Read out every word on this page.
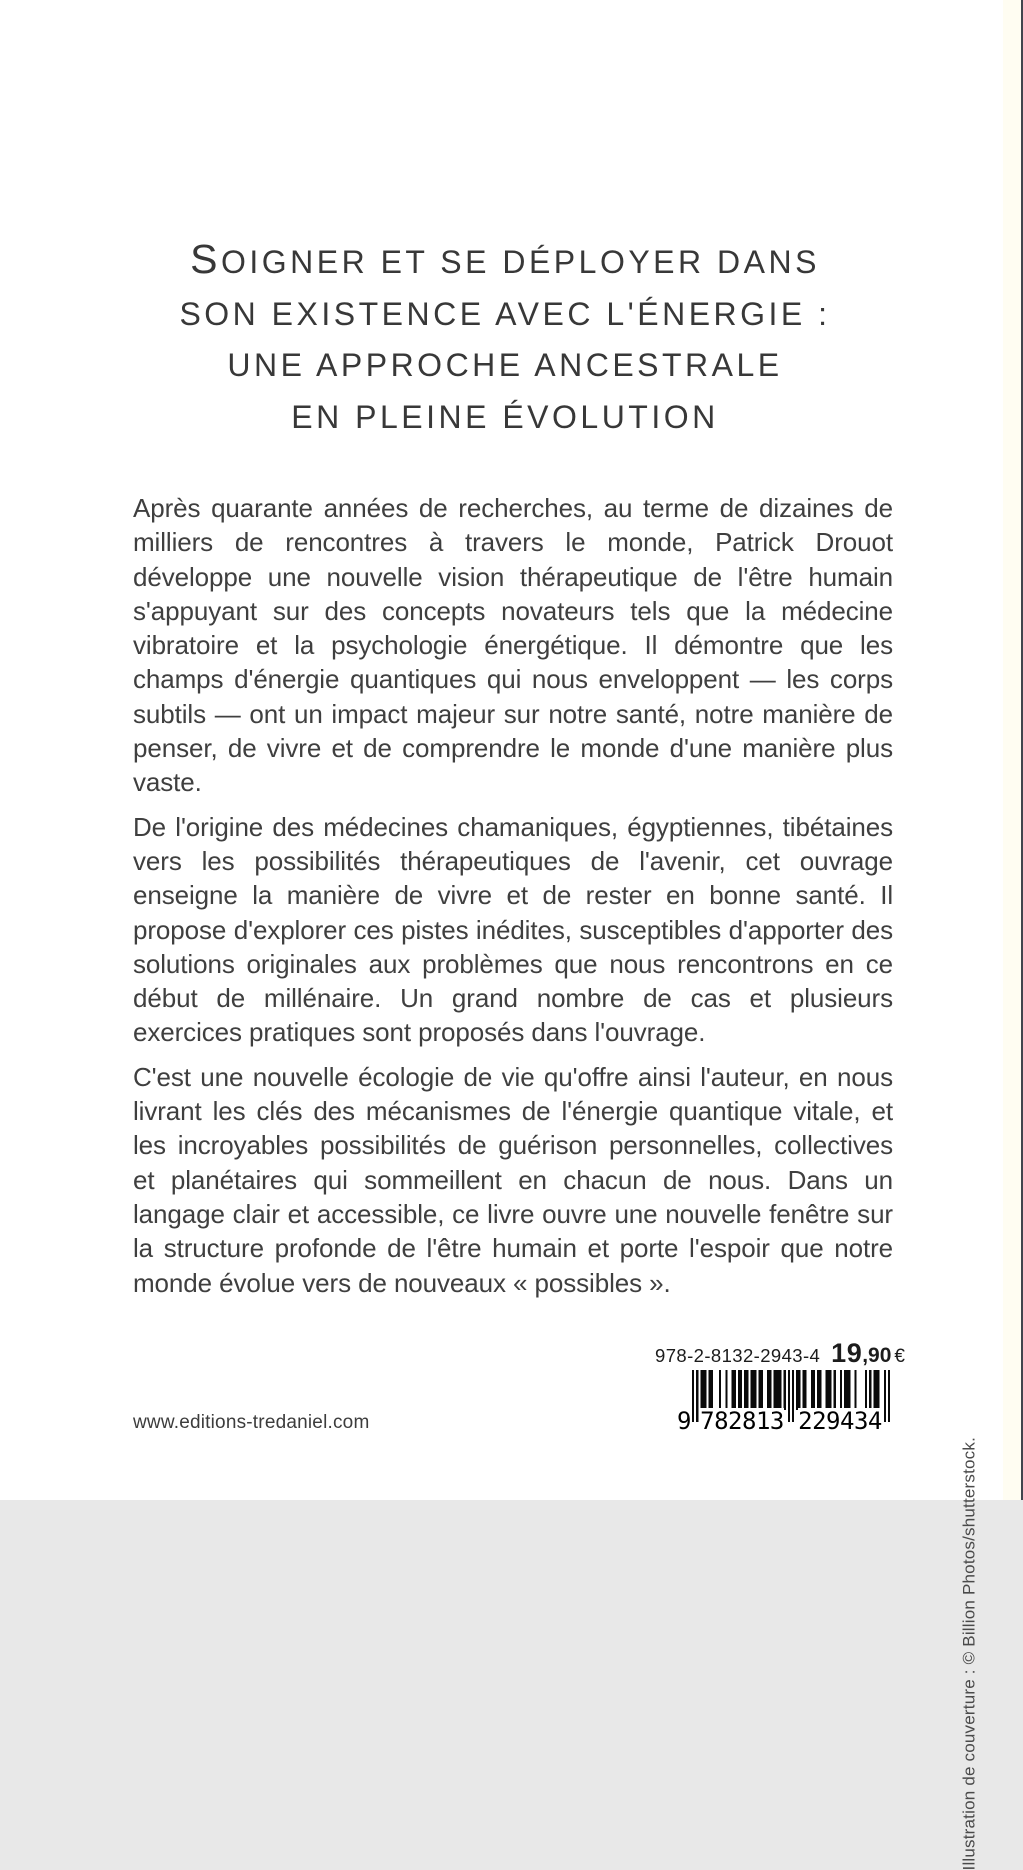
SOIGNER ET SE DÉPLOYER DANS
SON EXISTENCE AVEC L'ÉNERGIE :
UNE APPROCHE ANCESTRALE
EN PLEINE ÉVOLUTION

Après quarante années de recherches, au terme de dizaines de milliers de rencontres à travers le monde, Patrick Drouot développe une nouvelle vision thérapeutique de l'être humain s'appuyant sur des concepts novateurs tels que la médecine vibratoire et la psychologie énergétique. Il démontre que les champs d'énergie quantiques qui nous enveloppent — les corps subtils — ont un impact majeur sur notre santé, notre manière de penser, de vivre et de comprendre le monde d'une manière plus vaste.

De l'origine des médecines chamaniques, égyptiennes, tibétaines vers les possibilités thérapeutiques de l'avenir, cet ouvrage enseigne la manière de vivre et de rester en bonne santé. Il propose d'explorer ces pistes inédites, susceptibles d'apporter des solutions originales aux problèmes que nous rencontrons en ce début de millénaire. Un grand nombre de cas et plusieurs exercices pratiques sont proposés dans l'ouvrage.

C'est une nouvelle écologie de vie qu'offre ainsi l'auteur, en nous livrant les clés des mécanismes de l'énergie quantique vitale, et les incroyables possibilités de guérison personnelles, collectives et planétaires qui sommeillent en chacun de nous. Dans un langage clair et accessible, ce livre ouvre une nouvelle fenêtre sur la structure profonde de l'être humain et porte l'espoir que notre monde évolue vers de nouveaux « possibles ».

www.editions-tredaniel.com
978-2-8132-2943-4 19,90 €
9 782813 229434
Illustration de couverture : © Billion Photos/shutterstock.
